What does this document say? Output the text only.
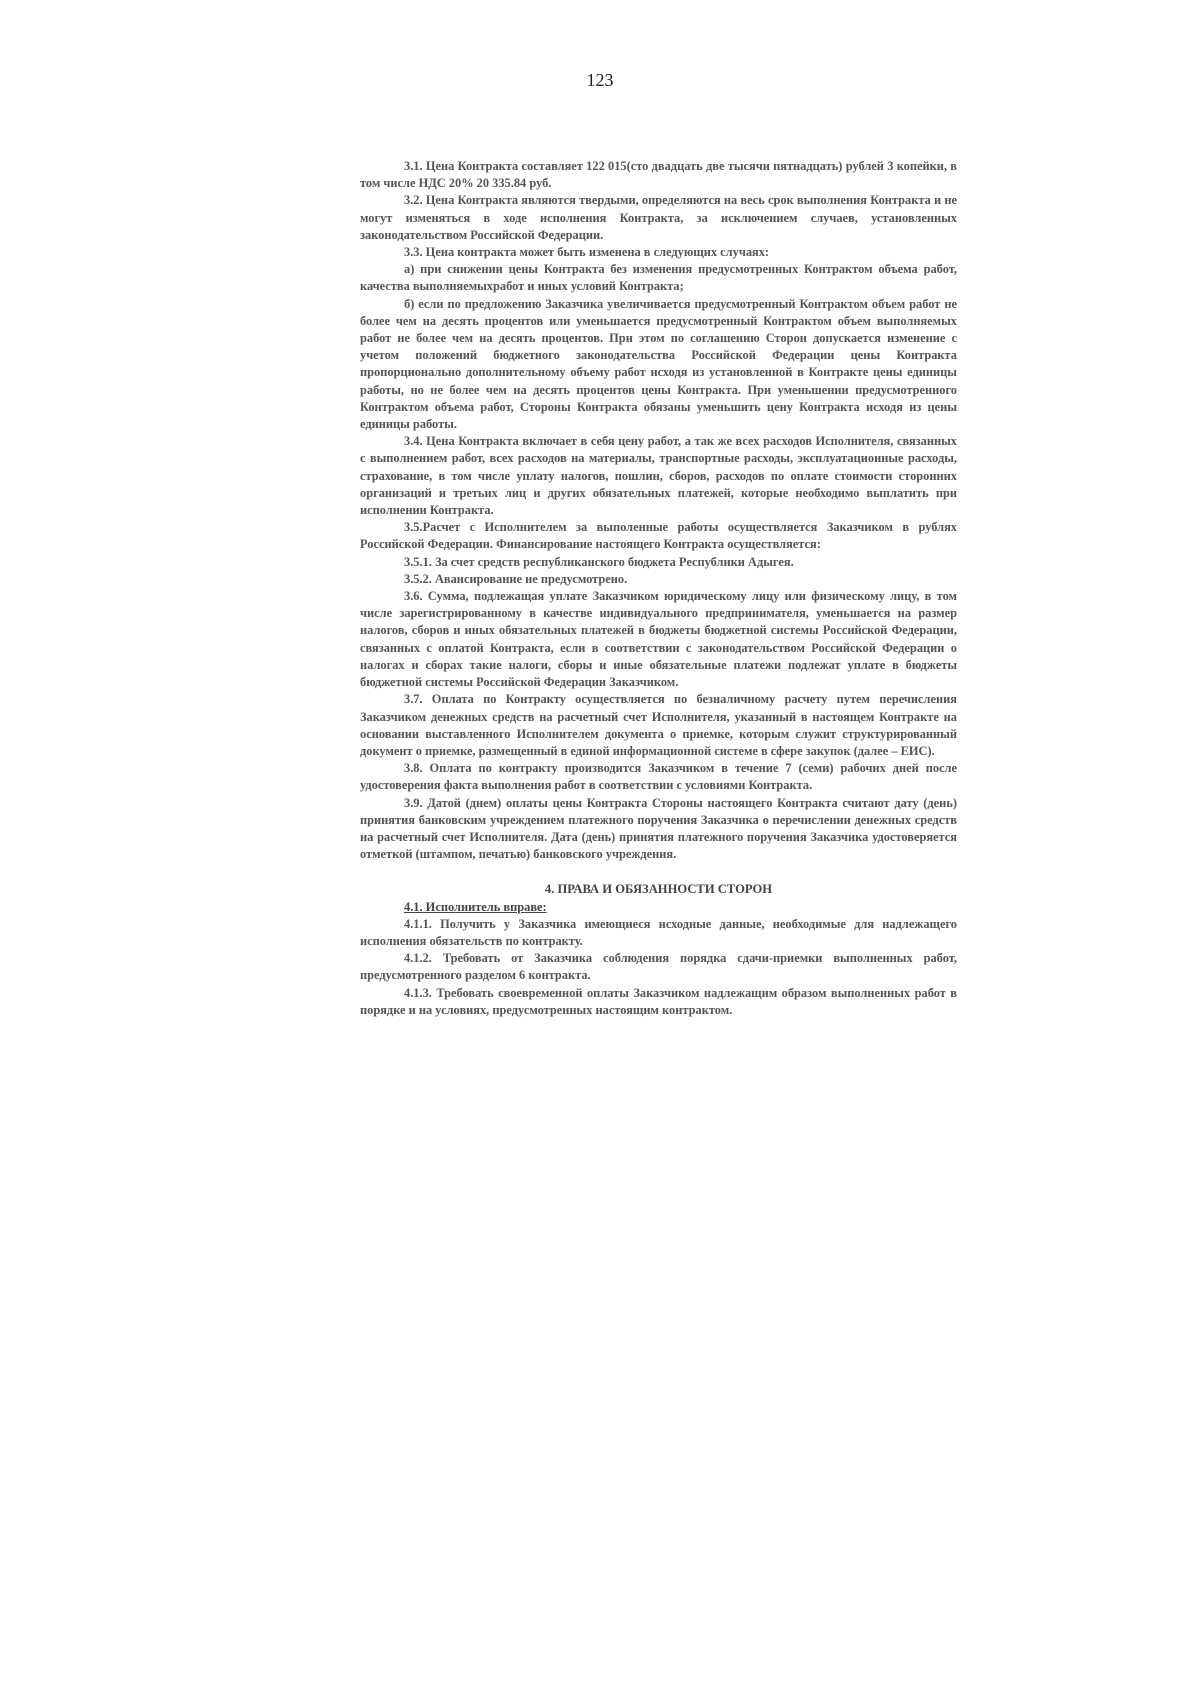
123

3.1. Цена Контракта составляет 122 015(сто двадцать две тысячи пятнадцать) рублей 3 копейки, в том числе НДС 20% 20 335.84 руб.

3.2. Цена Контракта являются твердыми, определяются на весь срок выполнения Контракта и не могут изменяться в ходе исполнения Контракта, за исключением случаев, установленных законодательством Российской Федерации.

3.3. Цена контракта может быть изменена в следующих случаях:

а) при снижении цены Контракта без изменения предусмотренных Контрактом объема работ, качества выполняемыхработ и иных условий Контракта;

б) если по предложению Заказчика увеличивается предусмотренный Контрактом объем работ не более чем на десять процентов или уменьшается предусмотренный Контрактом объем выполняемых работ не более чем на десять процентов. При этом по соглашению Сторон допускается изменение с учетом положений бюджетного законодательства Российской Федерации цены Контракта пропорционально дополнительному объему работ исходя из установленной в Контракте цены единицы работы, но не более чем на десять процентов цены Контракта. При уменьшении предусмотренного Контрактом объема работ, Стороны Контракта обязаны уменьшить цену Контракта исходя из цены единицы работы.

3.4. Цена Контракта включает в себя цену работ, а так же всех расходов Исполнителя, связанных с выполнением работ, всех расходов на материалы, транспортные расходы, эксплуатационные расходы, страхование, в том числе уплату налогов, пошлин, сборов, расходов по оплате стоимости сторонних организаций и третьих лиц и других обязательных платежей, которые необходимо выплатить при исполнении Контракта.

3.5.Расчет с Исполнителем за выполенные работы осуществляется Заказчиком в рублях Российской Федерации. Финансирование настоящего Контракта осуществляется:

3.5.1. За счет средств республиканского бюджета Республики Адыгея.

3.5.2. Авансирование не предусмотрено.

3.6. Сумма, подлежащая уплате Заказчиком юридическому лицу или физическому лицу, в том числе зарегистрированному в качестве индивидуального предпринимателя, уменьшается на размер налогов, сборов и иных обязательных платежей в бюджеты бюджетной системы Российской Федерации, связанных с оплатой Контракта, если в соответствии с законодательством Российской Федерации о налогах и сборах такие налоги, сборы и иные обязательные платежи подлежат уплате в бюджеты бюджетной системы Российской Федерации Заказчиком.

3.7. Оплата по Контракту осуществляется по безналичному расчету путем перечисления Заказчиком денежных средств на расчетный счет Исполнителя, указанный в настоящем Контракте на основании выставленного Исполнителем документа о приемке, которым служит структурированный документ о приемке, размещенный в единой информационной системе в сфере закупок (далее – ЕИС).

3.8. Оплата по контракту производится Заказчиком в течение 7 (семи) рабочих дней после удостоверения факта выполнения работ в соответствии с условиями Контракта.

3.9. Датой (днем) оплаты цены Контракта Стороны настоящего Контракта считают дату (день) принятия банковским учреждением платежного поручения Заказчика о перечислении денежных средств на расчетный счет Исполнителя. Дата (день) принятия платежного поручения Заказчика удостоверяется отметкой (штампом, печатью) банковского учреждения.

4. ПРАВА И ОБЯЗАННОСТИ СТОРОН

4.1. Исполнитель вправе:

4.1.1. Получить у Заказчика имеющиеся исходные данные, необходимые для надлежащего исполнения обязательств по контракту.

4.1.2. Требовать от Заказчика соблюдения порядка сдачи-приемки выполненных работ, предусмотренного разделом 6 контракта.

4.1.3. Требовать своевременной оплаты Заказчиком надлежащим образом выполненных работ в порядке и на условиях, предусмотренных настоящим контрактом.
